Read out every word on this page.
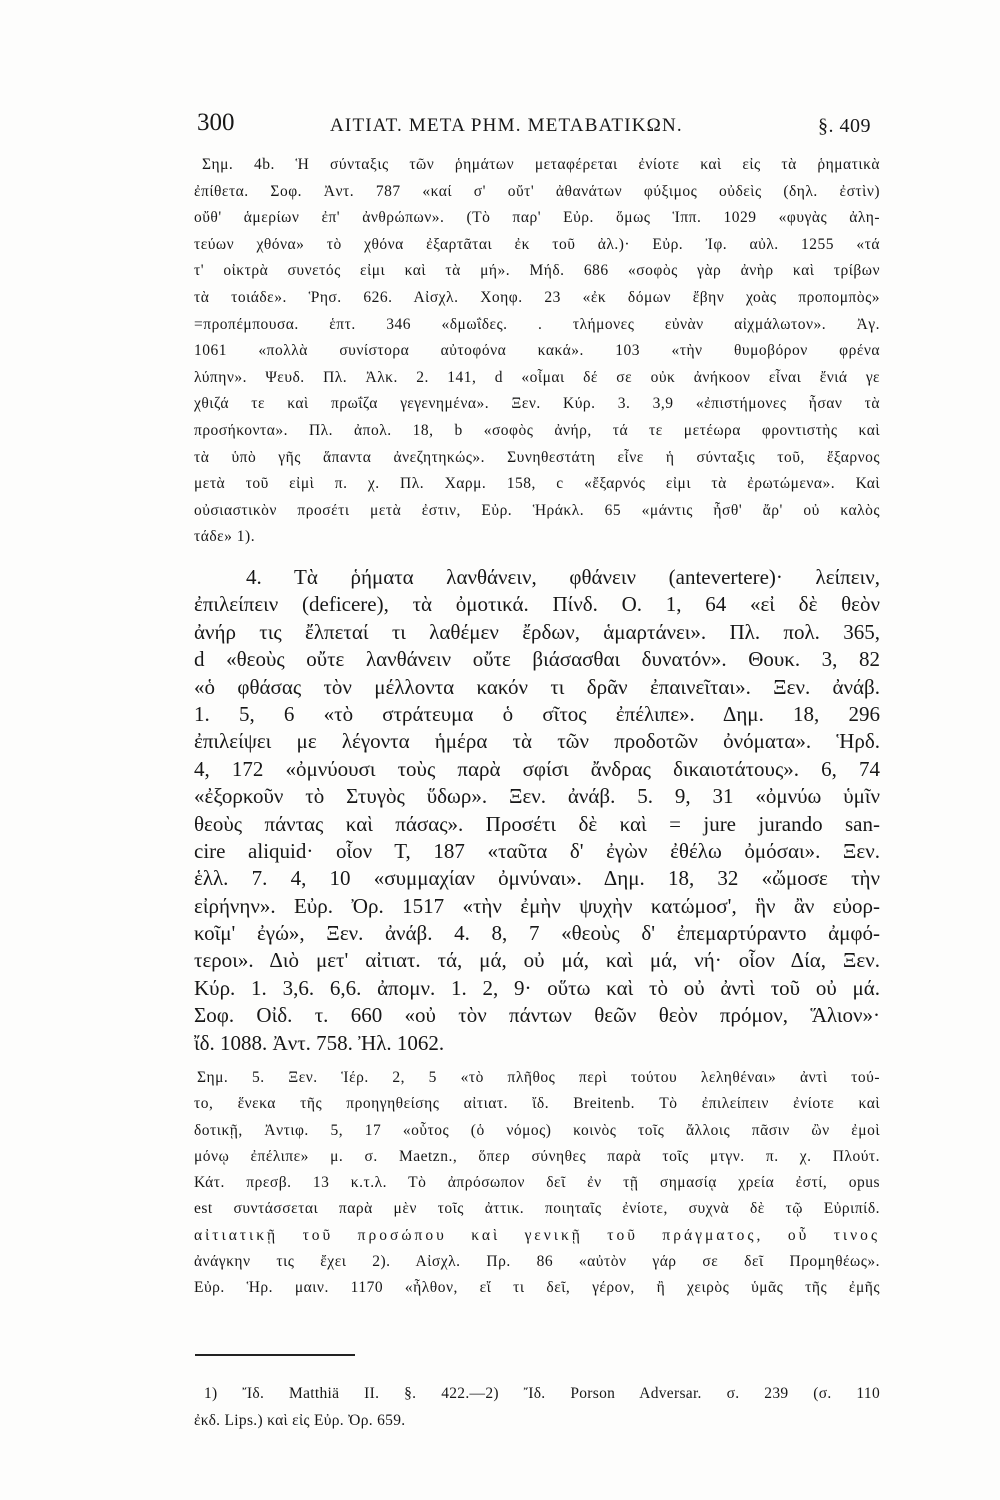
300	ΑΙΤΙΑΤ. ΜΕΤΑ ΡΗΜ. ΜΕΤΑΒΑΤΙΚΩΝ.	§. 409
Σημ. 4b. Ἡ σύνταξις τῶν ῥημάτων μεταφέρεται ἐνίοτε καὶ εἰς τὰ ῥηματικὰ
ἐπίθετα. Σοφ. Ἀντ. 787 «καί σ' οὔτ' ἀθανάτων φύξιμος οὐδεὶς (δηλ. ἐστὶν)
οὔθ' ἁμερίων ἐπ' ἀνθρώπων». (Τὸ παρ' Εὐρ. ὅμως Ἱππ. 1029 «φυγὰς ἀλη-
τεύων χθόνα» τὸ χθόνα ἐξαρτᾶται ἐκ τοῦ ἀλ.)· Εὐρ. Ἰφ. αὐλ. 1255 «τά
τ' οἰκτρὰ συνετός εἰμι καὶ τὰ μή». Μήδ. 686 «σοφὸς γὰρ ἀνὴρ καὶ τρίβων
τὰ τοιάδε». Ῥησ. 626. Αἰσχλ. Χοηφ. 23 «ἐκ δόμων ἔβην χοὰς προπομπὸς»
=προπέμπουσα. ἑπτ. 346 «δμωΐδες. . τλήμονες εὐνὰν αἰχμάλωτον». Ἀγ.
1061 «πολλὰ συνίστορα αὐτοφόνα κακά». 103 «τὴν θυμοβόρον φρένα
λύπην». Ψευδ. Πλ. Ἀλκ. 2. 141, d «οἶμαι δέ σε οὐκ ἀνήκοον εἶναι ἔνιά γε
χθιζά τε καὶ πρωΐζα γεγενημένα». Ξεν. Κύρ. 3. 3,9 «ἐπιστήμονες ἦσαν τὰ
προσήκοντα». Πλ. ἀπολ. 18, b «σοφὸς ἀνήρ, τά τε μετέωρα φροντιστὴς καὶ
τὰ ὑπὸ γῆς ἅπαντα ἀνεζητηκώς». Συνηθεστάτη εἶνε ἡ σύνταξις τοῦ, ἔξαρνος
μετὰ τοῦ εἰμὶ π. χ. Πλ. Χαρμ. 158, c «ἔξαρνός εἰμι τὰ ἐρωτώμενα». Καὶ
οὐσιαστικὸν προσέτι μετὰ ἐστιν, Εὐρ. Ἡράκλ. 65 «μάντις ἦσθ' ἄρ' οὐ καλὸς
τάδε» 1).
4. Τὰ ῥήματα λανθάνειν, φθάνειν (antevertere)· λείπειν,
ἐπιλείπειν (deficere), τὰ ὀμοτικά. Πίνδ. Ο. 1, 64 «εἰ δὲ θεὸν
ἀνήρ τις ἔλπεταί τι λαθέμεν ἔρδων, ἁμαρτάνει». Πλ. πολ. 365,
d «θεοὺς οὔτε λανθάνειν οὔτε βιάσασθαι δυνατόν». Θουκ. 3, 82
«ὁ φθάσας τὸν μέλλοντα κακόν τι δρᾶν ἐπαινεῖται». Ξεν. ἀνάβ.
1. 5, 6 «τὸ στράτευμα ὁ σῖτος ἐπέλιπε». Δημ. 18, 296
ἐπιλείψει με λέγοντα ἡμέρα τὰ τῶν προδοτῶν ὀνόματα». Ἡρδ.
4, 172 «ὀμνύουσι τοὺς παρὰ σφίσι ἄνδρας δικαιοτάτους». 6, 74
«ἐξορκοῦν τὸ Στυγὸς ὕδωρ». Ξεν. ἀνάβ. 5. 9, 31 «ὀμνύω ὑμῖν
θεοὺς πάντας καὶ πάσας». Προσέτι δὲ καὶ = jure jurando san-
cire aliquid· οἷον Τ, 187 «ταῦτα δ' ἐγὼν ἐθέλω ὀμόσαι». Ξεν.
ἑλλ. 7. 4, 10 «συμμαχίαν ὀμνύναι». Δημ. 18, 32 «ὤμοσε τὴν
εἰρήνην». Εὐρ. Ὀρ. 1517 «τὴν ἐμὴν ψυχὴν κατώμοσ', ἣν ἂν εὐορ-
κοῖμ' ἐγώ», Ξεν. ἀνάβ. 4. 8, 7 «θεοὺς δ' ἐπεμαρτύραντο ἀμφό-
τεροι». Διὸ μετ' αἰτιατ. τά, μά, οὐ μά, καὶ μά, νή· οἷον Δία, Ξεν.
Κύρ. 1. 3,6. 6,6. ἀπομν. 1. 2, 9· οὕτω καὶ τὸ οὐ ἀντὶ τοῦ οὐ μά.
Σοφ. Οἰδ. τ. 660 «οὐ τὸν πάντων θεῶν θεὸν πρόμον, Ἅλιον»·
ἴδ. 1088. Ἀντ. 758. Ἠλ. 1062.
Σημ. 5. Ξεν. Ἱέρ. 2, 5 «τὸ πλῆθος περὶ τούτου λεληθέναι» ἀντὶ τού-
το, ἕνεκα τῆς προηγηθείσης αἰτιατ. ἴδ. Breitenb. Τὸ ἐπιλείπειν ἐνίοτε καὶ
δοτικῇ, Ἀντιφ. 5, 17 «οὗτος (ὁ νόμος) κοινὸς τοῖς ἄλλοις πᾶσιν ὢν ἐμοὶ
μόνῳ ἐπέλιπε» μ. σ. Maetzn., ὅπερ σύνηθες παρὰ τοῖς μτγν. π. χ. Πλούτ.
Κάτ. πρεσβ. 13 κ.τ.λ. Τὸ ἀπρόσωπον δεῖ ἐν τῇ σημασίᾳ χρεία ἐστί, opus
est συντάσσεται παρὰ μὲν τοῖς ἀττικ. ποιηταῖς ἐνίοτε, συχνὰ δὲ τῷ Εὐριπίδ.
αἰτιατικῇ τοῦ προσώπου καὶ γενικῇ τοῦ πράγματος, οὗ τινος
ἀνάγκην τις ἔχει 2). Αἰσχλ. Πρ. 86 «αὐτὸν γάρ σε δεῖ Προμηθέως».
Εὐρ. Ἡρ. μαιν. 1170 «ἦλθον, εἴ τι δεῖ, γέρον, ἢ χειρὸς ὑμᾶς τῆς ἐμῆς
1) Ἴδ. Matthiä II. §. 422.—2) Ἴδ. Porson Adversar. σ. 239 (σ. 110
ἐκδ. Lips.) καὶ εἰς Εὐρ. Ὀρ. 659.
